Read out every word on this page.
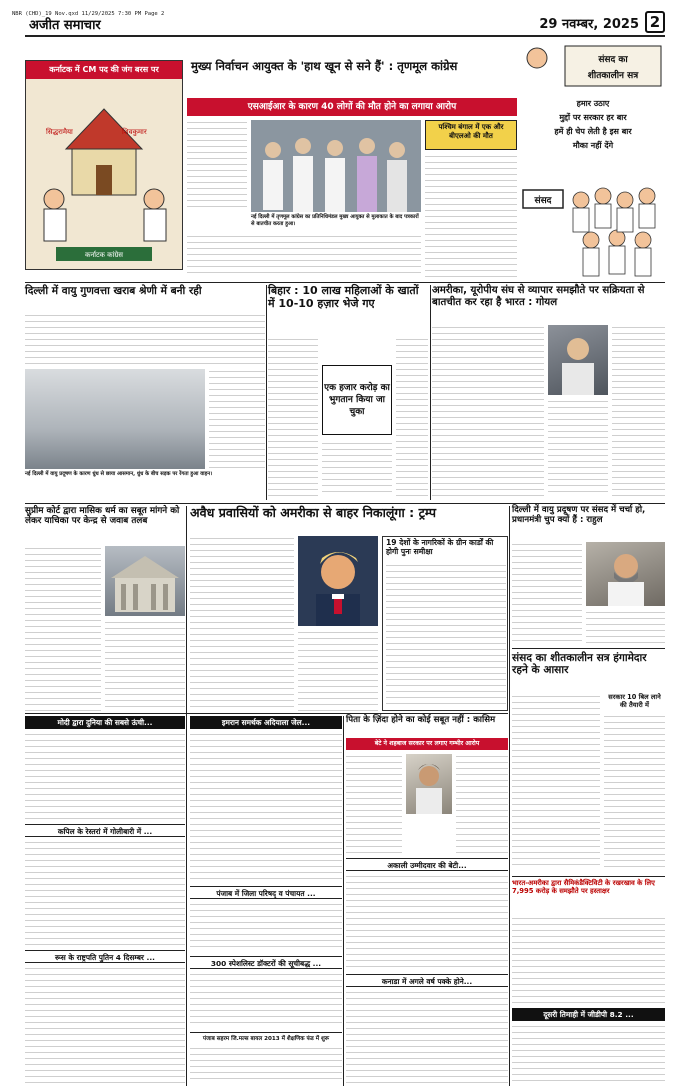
NBR (CHD)_19 Nov.qxd 11/29/2025 7:30 PM Page 2
अजीत समाचार	29 नवम्बर, 2025 2
कर्नाटक में CM पद की जंग बरस पर
सिद्धरामैया	शिवकुमार
कर्नाटक कांग्रेस
मुख्य निर्वाचन आयुक्त के 'हाथ खून से सने हैं' : तृणमूल कांग्रेस
एसआईआर के कारण 40 लोगों की मौत होने का लगाया आरोप
पश्चिम बंगाल में एक और बीएलओ की मौत
नई दिल्ली में तृणमूल कांग्रेस का प्रतिनिधिमंडल मुख्य आयुक्त से मुलाकात के बाद पत्रकारों से बातचीत करता हुआ।
संसद का
शीतकालीन सत्र
हमार उठाए
मुद्दों पर सरकार हर बार
हमें ही चेप लेती है इस बार
मौका नहीं देंगे
संसद
दिल्ली में वायु गुणवत्ता खराब श्रेणी में बनी रही
नई दिल्ली में वायु प्रदूषण के कारण धुंध से छाया आसमान, धुंध के बीच सड़क पर रेंगता हुआ वाहन।
बिहार : 10 लाख महिलाओं के खातों में 10-10 हज़ार भेजे गए
एक हजार करोड़ का भुगतान किया जा चुका
अमरीका, यूरोपीय संघ से व्यापार समझौते पर सक्रियता से बातचीत कर रहा है भारत : गोयल
सुप्रीम कोर्ट द्वारा मासिक धर्म का सबूत मांगने को लेकर याचिका पर केन्द्र से जवाब तलब
अवैध प्रवासियों को अमरीका से बाहर निकालूंगा : ट्रम्प
19 देशों के नागरिकों के ग्रीन कार्डों की होगी पुनः समीक्षा
दिल्ली में वायु प्रदूषण पर संसद में चर्चा हो, प्रधानमंत्री चुप क्यों हैं : राहुल
संसद का शीतकालीन सत्र हंगामेदार रहने के आसार
सरकार 10 बिल लाने की तैयारी में
मोदी द्वारा दुनिया की सबसे ऊंची...
कपिल के रेस्तरां में गोलीबारी में ...
रूस के राष्ट्रपति पुतिन 4 दिसम्बर ...
इमरान समर्थक अदियाला जेल...
पंजाब में जिला परिषद् व पंचायत ...
300 स्पेशलिस्ट डॉक्टरों की सूचीबद्ध ...
पंजाब सहरम जि.मल्स बायल 2013 में शैक्षणिक फंड में शुरू
पिता के ज़िंदा होने का कोई सबूत नहीं : कासिम
बेटे ने शहबाज सरकार पर लगाए गम्भीर आरोप
अकाली उम्मीदवार की बेटी...
कनाडा में अगले वर्ष पक्के होने...
भारत-अमरीका द्वारा सैमिकंडैक्टिविटी के रखरखाव के लिए 7,995 करोड़ के समझौते पर हस्ताक्षर
दूसरी तिमाही में जीडीपी 8.2 ...
